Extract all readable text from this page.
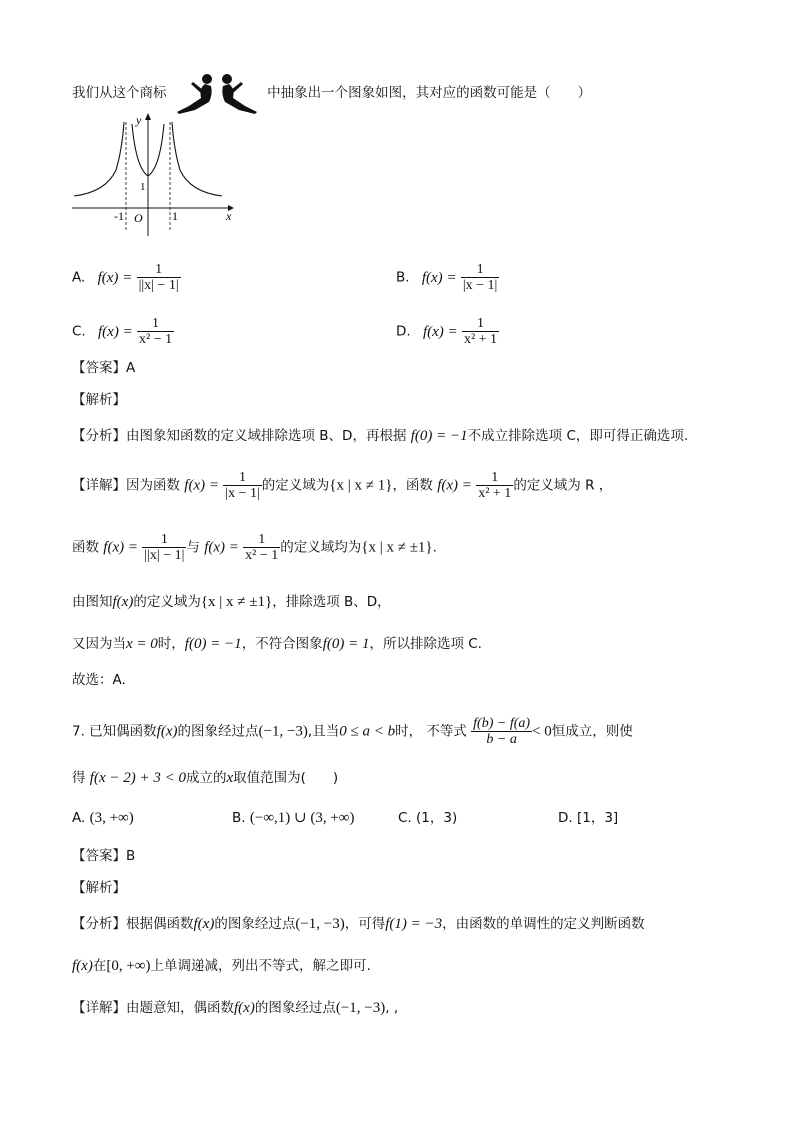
我们从这个商标	中抽象出一个图象如图，其对应的函数可能是（　　）
y
x
O
-1	1
1
A. $f(x) = \frac{1}{||x| - 1|}$	B. $f(x) = \frac{1}{|x - 1|}$
C. $f(x) = \frac{1}{\text{x² − 1}}$	D. $f(x) = \frac{1}{\text{x² + 1}}$
【答案】A
【解析】
【分析】由图象知函数的定义域排除选项 B、D，再根据 f(0) = −1不成立排除选项 C，即可得正确选项.
【详解】因为函数 $f(x) = \frac{1}{|x - 1|}$ 的定义域为{x | x ≠ 1}，函数 $f(x) = \frac{1}{\text{x² + 1}}$ 的定义域为 R ，
函数 $f(x) = \frac{1}{||x| - 1|}$ 与 $f(x) = \frac{1}{\text{x² − 1}}$ 的定义域均为{x | x ≠ ±1}.
由图知f(x)的定义域为{x | x ≠ ±1}，排除选项 B、D，
又因为当x = 0时，f(0) = −1，不符合图象f(0) = 1，所以排除选项 C.
故选：A.
7. 已知偶函数f(x)的图象经过点(−1, −3),且当0 ≤ a < b时， 不等式 $\frac{f(b) - f(a)}{b - a} < 0$恒成立，则使
得 f(x − 2) + 3 < 0成立的x取值范围为(　　)
A. (3, +∞)	B. (−∞,1) ∪ (3, +∞)	C. (1，3)	D. [1，3]
【答案】B
【解析】
【分析】根据偶函数f(x)的图象经过点(−1, −3)，可得f(1) = −3，由函数的单调性的定义判断函数
f(x)在[0, +∞)上单调递减，列出不等式，解之即可.
【详解】由题意知，偶函数f(x)的图象经过点(−1, −3), ,
